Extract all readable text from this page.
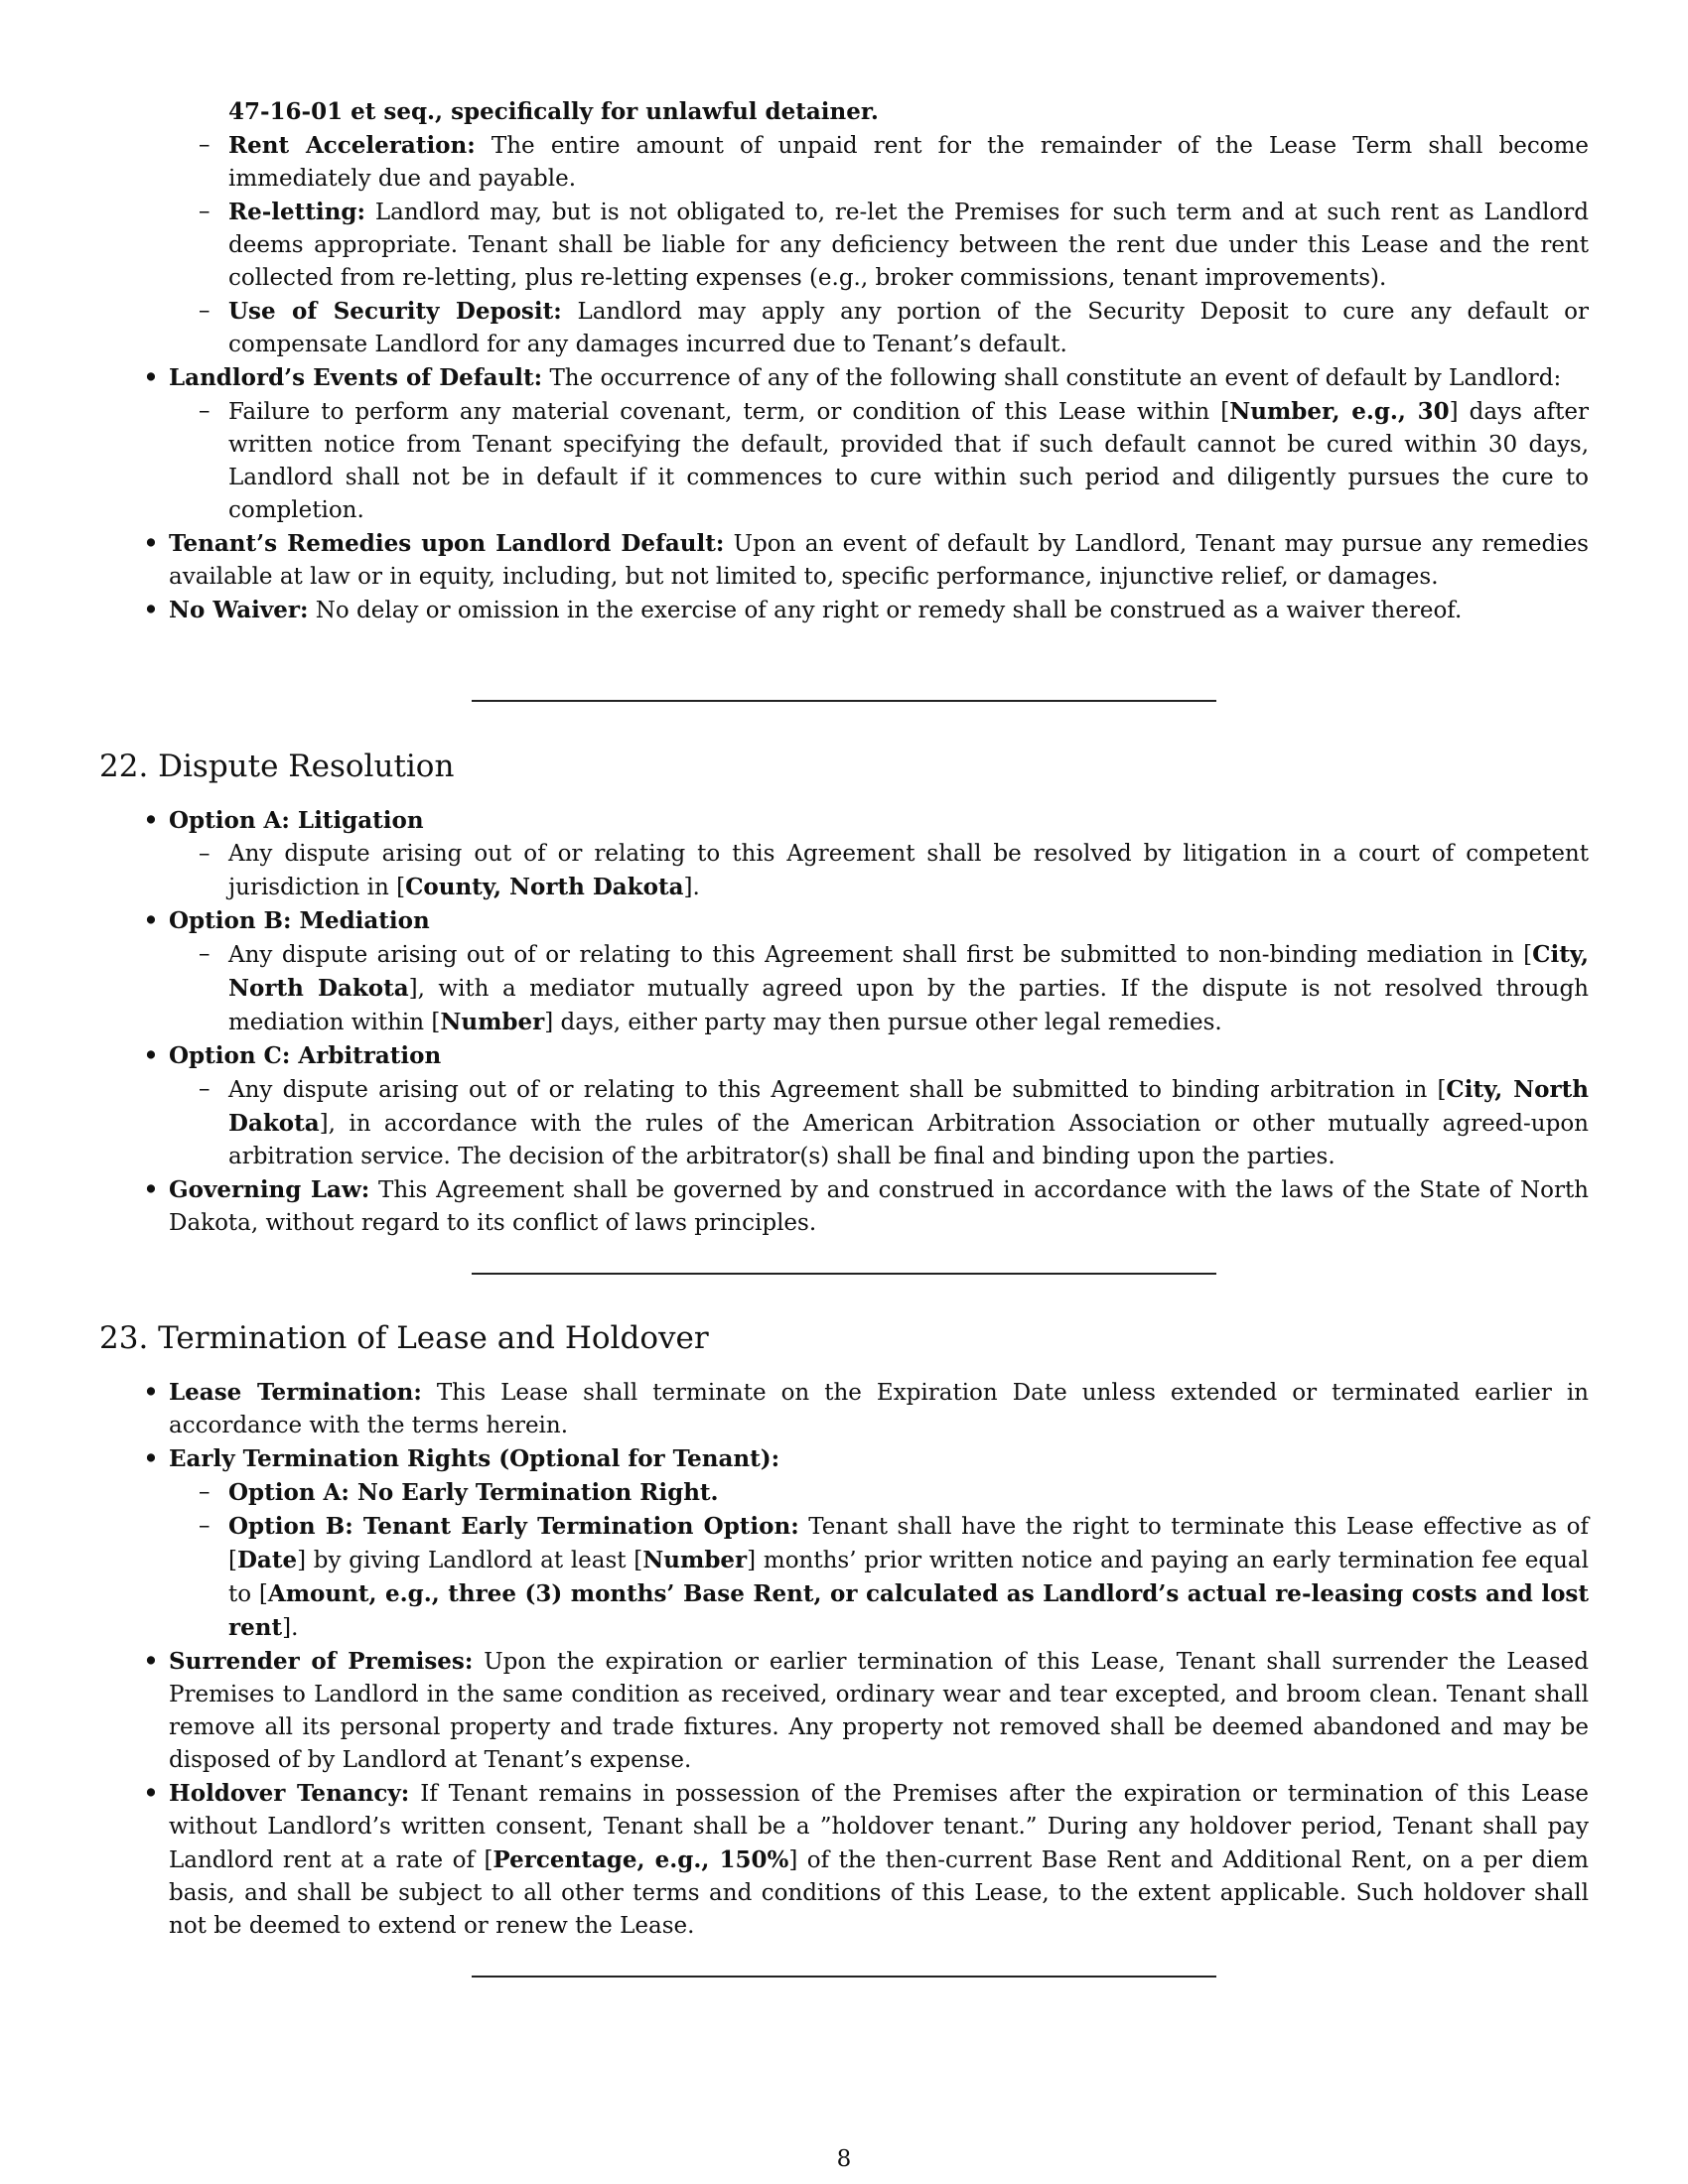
47-16-01 et seq., specifically for unlawful detainer.

– Rent Acceleration: The entire amount of unpaid rent for the remainder of the Lease Term shall become immediately due and payable.

– Re-letting: Landlord may, but is not obligated to, re-let the Premises for such term and at such rent as Landlord deems appropriate. Tenant shall be liable for any deficiency between the rent due under this Lease and the rent collected from re-letting, plus re-letting expenses (e.g., broker commissions, tenant improvements).

– Use of Security Deposit: Landlord may apply any portion of the Security Deposit to cure any default or compensate Landlord for any damages incurred due to Tenant’s default.

• Landlord’s Events of Default: The occurrence of any of the following shall constitute an event of default by Landlord:

– Failure to perform any material covenant, term, or condition of this Lease within [Number, e.g., 30] days after written notice from Tenant specifying the default, provided that if such default cannot be cured within 30 days, Landlord shall not be in default if it commences to cure within such period and diligently pursues the cure to completion.

• Tenant’s Remedies upon Landlord Default: Upon an event of default by Landlord, Tenant may pursue any remedies available at law or in equity, including, but not limited to, specific performance, injunctive relief, or damages.

• No Waiver: No delay or omission in the exercise of any right or remedy shall be construed as a waiver thereof.

22. Dispute Resolution

• Option A: Litigation

– Any dispute arising out of or relating to this Agreement shall be resolved by litigation in a court of competent jurisdiction in [County, North Dakota].

• Option B: Mediation

– Any dispute arising out of or relating to this Agreement shall first be submitted to non-binding mediation in [City, North Dakota], with a mediator mutually agreed upon by the parties. If the dispute is not resolved through mediation within [Number] days, either party may then pursue other legal remedies.

• Option C: Arbitration

– Any dispute arising out of or relating to this Agreement shall be submitted to binding arbitration in [City, North Dakota], in accordance with the rules of the American Arbitration Association or other mutually agreed-upon arbitration service. The decision of the arbitrator(s) shall be final and binding upon the parties.

• Governing Law: This Agreement shall be governed by and construed in accordance with the laws of the State of North Dakota, without regard to its conflict of laws principles.

23. Termination of Lease and Holdover

• Lease Termination: This Lease shall terminate on the Expiration Date unless extended or terminated earlier in accordance with the terms herein.

• Early Termination Rights (Optional for Tenant):

– Option A: No Early Termination Right.

– Option B: Tenant Early Termination Option: Tenant shall have the right to terminate this Lease effective as of [Date] by giving Landlord at least [Number] months’ prior written notice and paying an early termination fee equal to [Amount, e.g., three (3) months’ Base Rent, or calculated as Landlord’s actual re-leasing costs and lost rent].

• Surrender of Premises: Upon the expiration or earlier termination of this Lease, Tenant shall surrender the Leased Premises to Landlord in the same condition as received, ordinary wear and tear excepted, and broom clean. Tenant shall remove all its personal property and trade fixtures. Any property not removed shall be deemed abandoned and may be disposed of by Landlord at Tenant’s expense.

• Holdover Tenancy: If Tenant remains in possession of the Premises after the expiration or termination of this Lease without Landlord’s written consent, Tenant shall be a ”holdover tenant.” During any holdover period, Tenant shall pay Landlord rent at a rate of [Percentage, e.g., 150%] of the then-current Base Rent and Additional Rent, on a per diem basis, and shall be subject to all other terms and conditions of this Lease, to the extent applicable. Such holdover shall not be deemed to extend or renew the Lease.

8
